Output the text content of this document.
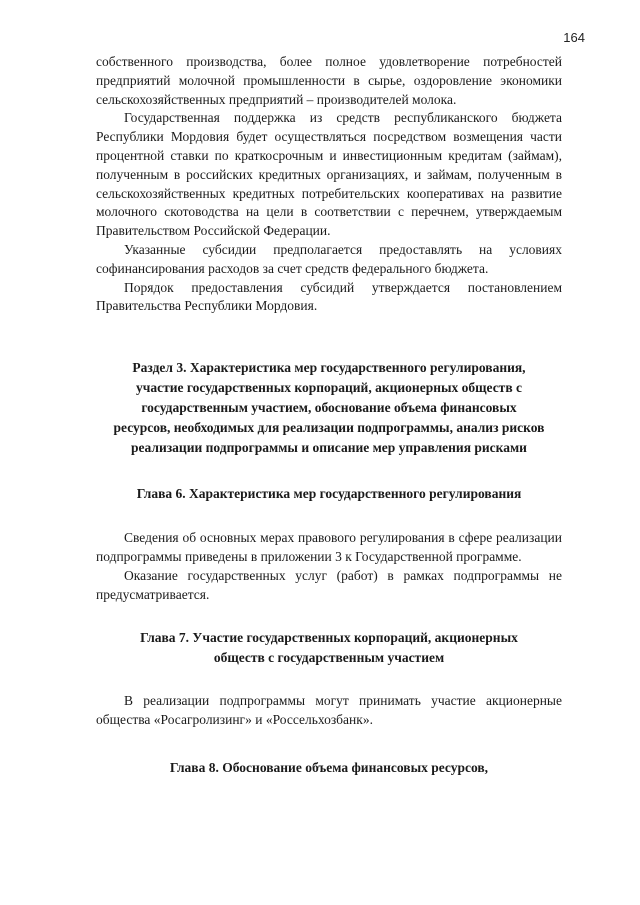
164

собственного производства, более полное удовлетворение потребностей предприятий молочной промышленности в сырье, оздоровление экономики сельскохозяйственных предприятий – производителей молока.

Государственная поддержка из средств республиканского бюджета Республики Мордовия будет осуществляться посредством возмещения части процентной ставки по краткосрочным и инвестиционным кредитам (займам), полученным в российских кредитных организациях, и займам, полученным в сельскохозяйственных кредитных потребительских кооперативах на развитие молочного скотоводства на цели в соответствии с перечнем, утверждаемым Правительством Российской Федерации.

Указанные субсидии предполагается предоставлять на условиях софинансирования расходов за счет средств федерального бюджета.

Порядок предоставления субсидий утверждается постановлением Правительства Республики Мордовия.

Раздел 3. Характеристика мер государственного регулирования, участие государственных корпораций, акционерных обществ с государственным участием, обоснование объема финансовых ресурсов, необходимых для реализации подпрограммы, анализ рисков реализации подпрограммы и описание мер управления рисками
Глава 6. Характеристика мер государственного регулирования

Сведения об основных мерах правового регулирования в сфере реализации подпрограммы приведены в приложении 3 к Государственной программе.

Оказание государственных услуг (работ) в рамках подпрограммы не предусматривается.

Глава 7. Участие государственных корпораций, акционерных обществ с государственным участием

В реализации подпрограммы могут принимать участие акционерные общества «Росагролизинг» и «Россельхозбанк».

Глава 8. Обоснование объема финансовых ресурсов,
